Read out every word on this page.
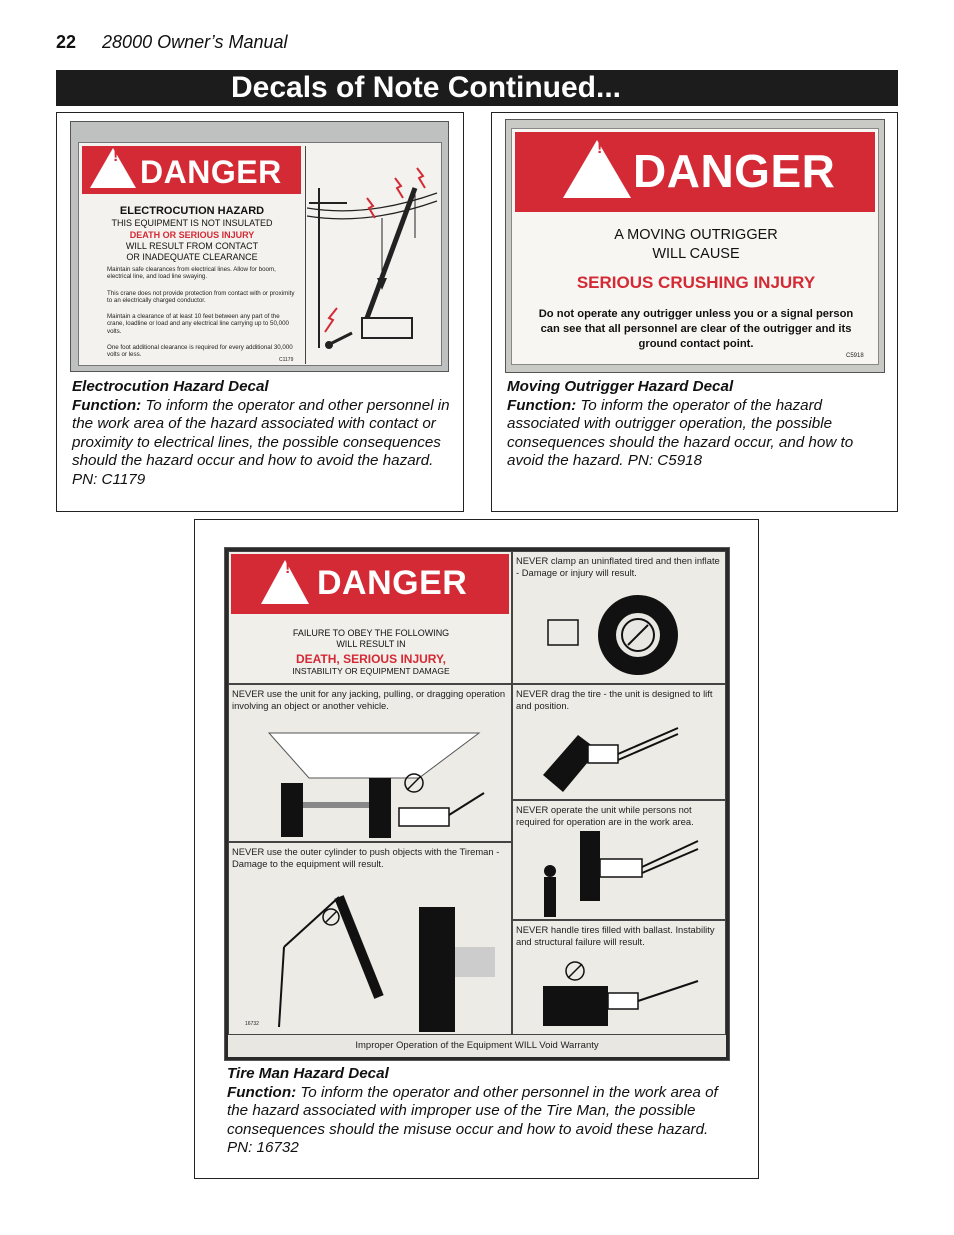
22 28000 Owner’s Manual
Decals of Note Continued...
!
DANGER
ELECTROCUTION HAZARD
THIS EQUIPMENT IS NOT INSULATED
DEATH OR SERIOUS INJURY
WILL RESULT FROM CONTACT
OR INADEQUATE CLEARANCE
Maintain safe clearances from electrical lines. Allow for boom, electrical line, and load line swaying.
This crane does not provide protection from contact with or proximity to an electrically charged conductor.
Maintain a clearance of at least 10 feet between any part of the crane, loadline or load and any electrical line carrying up to 50,000 volts.
One foot additional clearance is required for every additional 30,000 volts or less.
C1179
Electrocution Hazard Decal
Function: To inform the operator and other personnel in the work area of the hazard associated with contact or proximity to electrical lines, the possible consequences should the hazard occur and how to avoid the hazard. PN: C1179
!
DANGER
A MOVING OUTRIGGER
WILL CAUSE
SERIOUS CRUSHING INJURY
Do not operate any outrigger unless you or a signal person can see that all personnel are clear of the outrigger and its ground contact point.
C5918
Moving Outrigger Hazard Decal
Function: To inform the operator of the hazard associated with outrigger operation, the possible consequences should the hazard occur, and how to avoid the hazard. PN: C5918
!
DANGER
FAILURE TO OBEY THE FOLLOWING
WILL RESULT IN
DEATH, SERIOUS INJURY,
INSTABILITY OR EQUIPMENT DAMAGE
NEVER clamp an uninflated tired and then inflate - Damage or injury will result.
NEVER use the unit for any jacking, pulling, or dragging operation involving an object or another vehicle.
NEVER drag the tire - the unit is designed to lift and position.
NEVER use the outer cylinder to push objects with the Tireman - Damage to the equipment will result.
16732
NEVER operate the unit while persons not required for operation are in the work area.
NEVER handle tires filled with ballast. Instability and structural failure will result.
Improper Operation of the Equipment WILL Void Warranty
Tire Man Hazard Decal
Function: To inform the operator and other personnel in the work area of the hazard associated with improper use of the Tire Man, the possible consequences should the misuse occur and how to avoid these hazard.
PN: 16732
